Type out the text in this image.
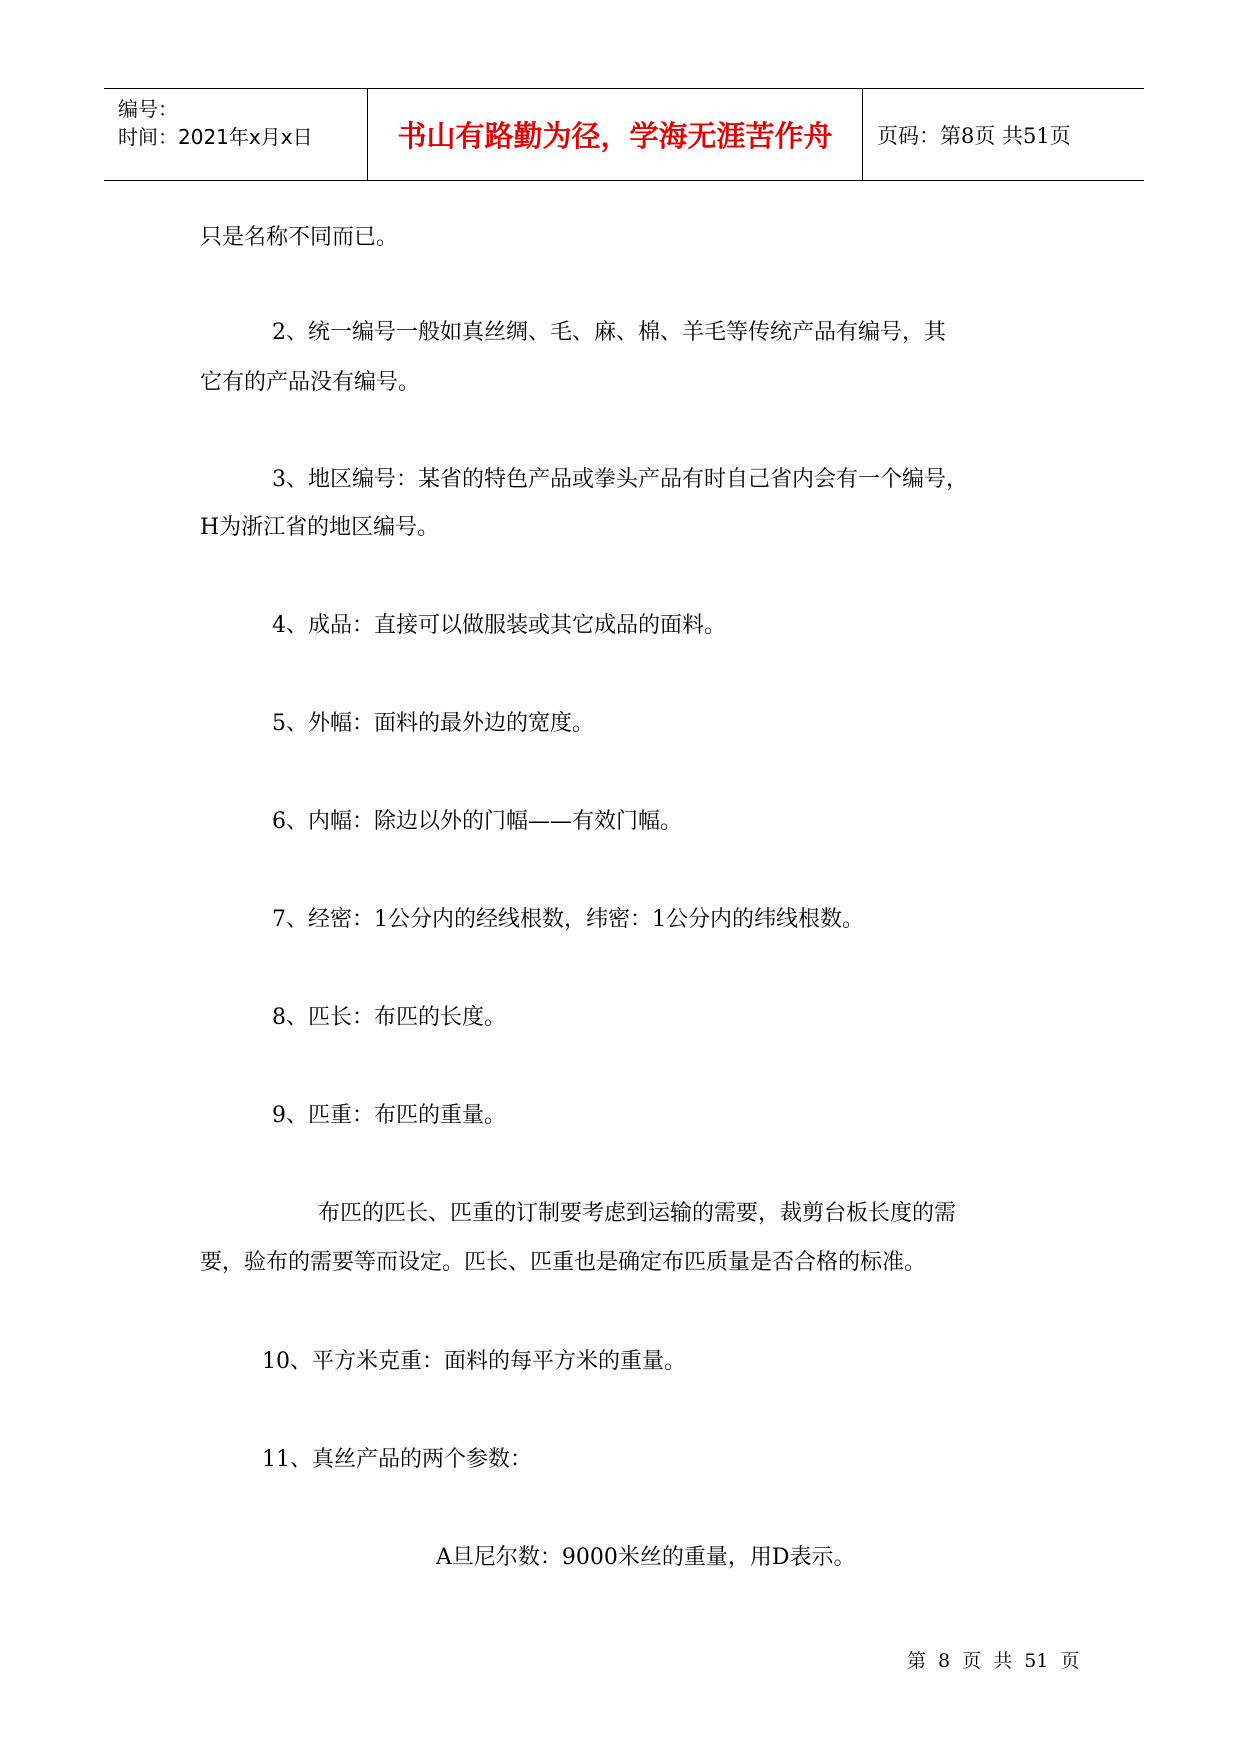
编号：
时间：2021年x月x日	书山有路勤为径，学海无涯苦作舟	页码：第8页 共51页
只是名称不同而已。
2、统一编号一般如真丝绸、毛、麻、棉、羊毛等传统产品有编号，其
它有的产品没有编号。
3、地区编号：某省的特色产品或拳头产品有时自己省内会有一个编号，
H为浙江省的地区编号。
4、成品：直接可以做服装或其它成品的面料。
5、外幅：面料的最外边的宽度。
6、内幅：除边以外的门幅——有效门幅。
7、经密：1公分内的经线根数，纬密：1公分内的纬线根数。
8、匹长：布匹的长度。
9、匹重：布匹的重量。
布匹的匹长、匹重的订制要考虑到运输的需要，裁剪台板长度的需
要，验布的需要等而设定。匹长、匹重也是确定布匹质量是否合格的标准。
10、平方米克重：面料的每平方米的重量。
11、真丝产品的两个参数：
A旦尼尔数：9000米丝的重量，用D表示。
第 8 页 共 51 页
